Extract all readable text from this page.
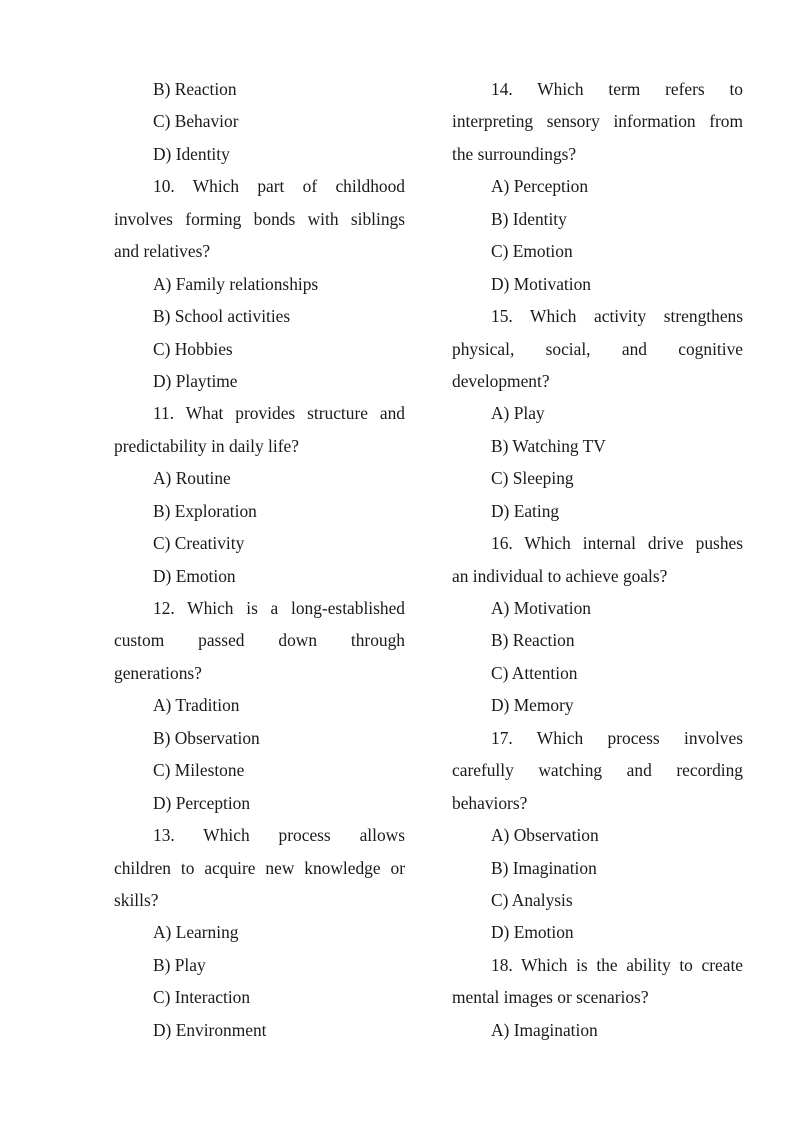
B) Reaction
C) Behavior
D) Identity
10. Which part of childhood
involves forming bonds with siblings
and relatives?
A) Family relationships
B) School activities
C) Hobbies
D) Playtime
11. What provides structure and
predictability in daily life?
A) Routine
B) Exploration
C) Creativity
D) Emotion
12. Which is a long-established
custom passed down through
generations?
A) Tradition
B) Observation
C) Milestone
D) Perception
13. Which process allows
children to acquire new knowledge or
skills?
A) Learning
B) Play
C) Interaction
D) Environment
14. Which term refers to
interpreting sensory information from
the surroundings?
A) Perception
B) Identity
C) Emotion
D) Motivation
15. Which activity strengthens
physical, social, and cognitive
development?
A) Play
B) Watching TV
C) Sleeping
D) Eating
16. Which internal drive pushes
an individual to achieve goals?
A) Motivation
B) Reaction
C) Attention
D) Memory
17. Which process involves
carefully watching and recording
behaviors?
A) Observation
B) Imagination
C) Analysis
D) Emotion
18. Which is the ability to create
mental images or scenarios?
A) Imagination
